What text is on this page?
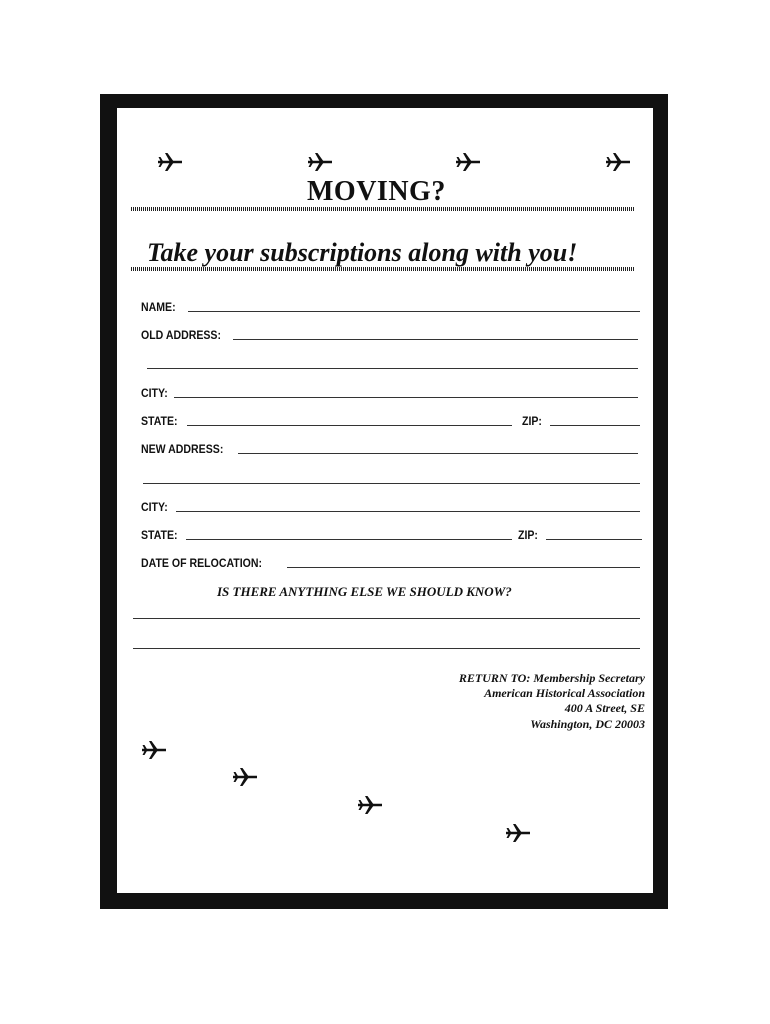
MOVING?
Take your subscriptions along with you!
NAME:
OLD ADDRESS:
CITY:
STATE:	ZIP:
NEW ADDRESS:
CITY:
STATE:	ZIP:
DATE OF RELOCATION:
IS THERE ANYTHING ELSE WE SHOULD KNOW?
RETURN TO: Membership Secretary
American Historical Association
400 A Street, SE
Washington, DC 20003
